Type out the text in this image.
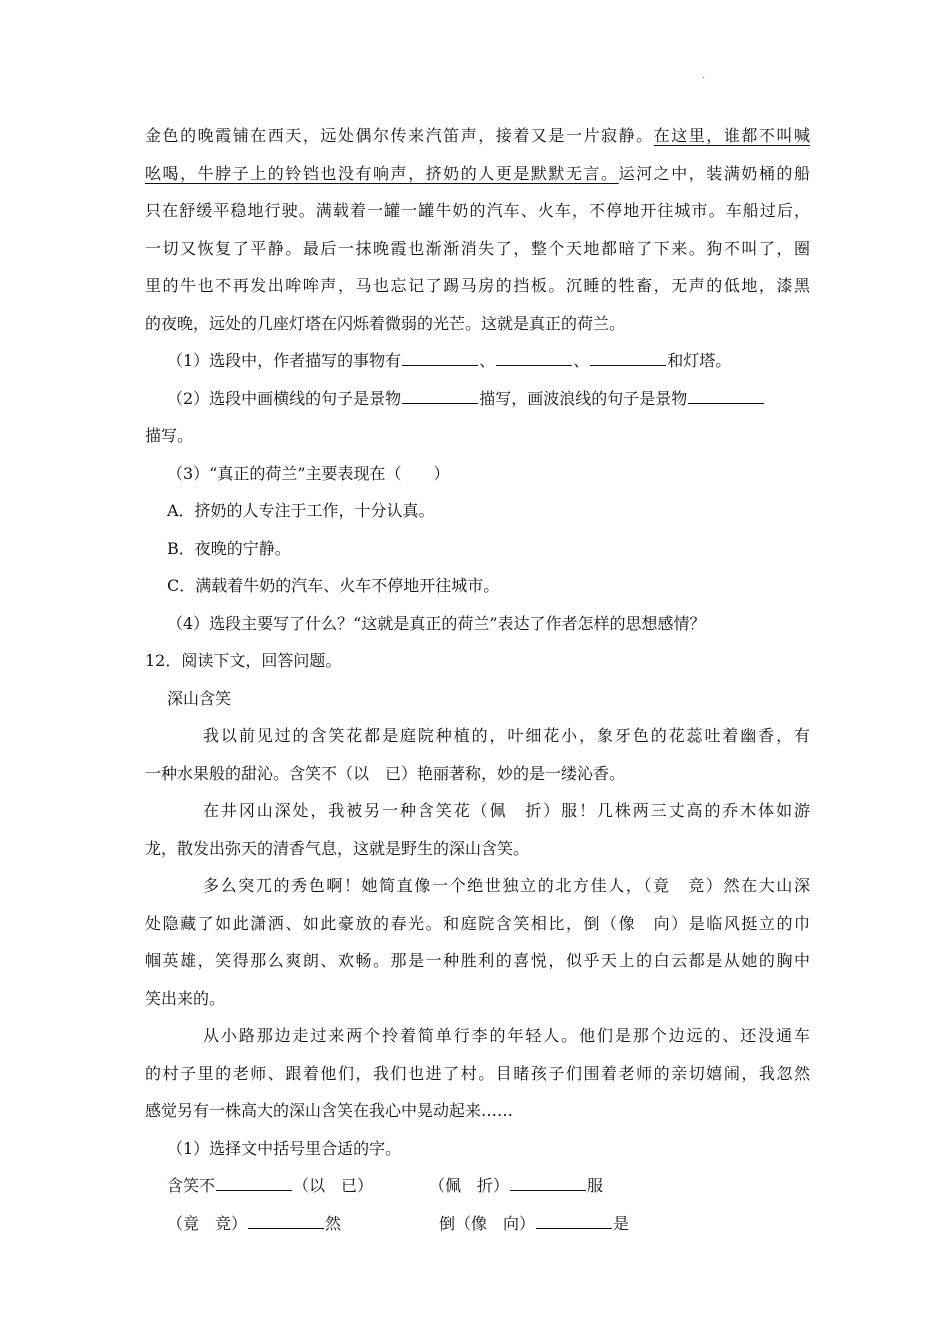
.
金色的晚霞铺在西天，远处偶尔传来汽笛声，接着又是一片寂静。在这里，谁都不叫喊
吆喝，牛脖子上的铃铛也没有响声，挤奶的人更是默默无言。运河之中，装满奶桶的船
只在舒缓平稳地行驶。满载着一罐一罐牛奶的汽车、火车，不停地开往城市。车船过后，
一切又恢复了平静。最后一抹晚霞也渐渐消失了，整个天地都暗了下来。狗不叫了，圈
里的牛也不再发出哞哞声，马也忘记了踢马房的挡板。沉睡的牲畜，无声的低地，漆黑
的夜晚，远处的几座灯塔在闪烁着微弱的光芒。这就是真正的荷兰。
（1）选段中，作者描写的事物有	、	、	和灯塔。
（2）选段中画横线的句子是景物	描写，画波浪线的句子是景物
描写。
（3）“真正的荷兰”主要表现在（　　）
A．挤奶的人专注于工作，十分认真。
B．夜晚的宁静。
C．满载着牛奶的汽车、火车不停地开往城市。
（4）选段主要写了什么？“这就是真正的荷兰”表达了作者怎样的思想感情？
12．阅读下文，回答问题。
深山含笑
我以前见过的含笑花都是庭院种植的，叶细花小，象牙色的花蕊吐着幽香，有
一种水果般的甜沁。含笑不（以　已）艳丽著称，妙的是一缕沁香。
在井冈山深处，我被另一种含笑花（佩　折）服！几株两三丈高的乔木体如游
龙，散发出弥天的清香气息，这就是野生的深山含笑。
多么突兀的秀色啊！她简直像一个绝世独立的北方佳人，（竟　竞）然在大山深
处隐藏了如此潇洒、如此豪放的春光。和庭院含笑相比，倒（像　向）是临风挺立的巾
帼英雄，笑得那么爽朗、欢畅。那是一种胜利的喜悦，似乎天上的白云都是从她的胸中
笑出来的。
从小路那边走过来两个拎着简单行李的年轻人。他们是那个边远的、还没通车
的村子里的老师、跟着他们，我们也进了村。目睹孩子们围着老师的亲切嬉闹，我忽然
感觉另有一株高大的深山含笑在我心中晃动起来……
（1）选择文中括号里合适的字。
含笑不	（以　已）	（佩　折）	服
（竟　竞）	然	倒（像　向）	是
